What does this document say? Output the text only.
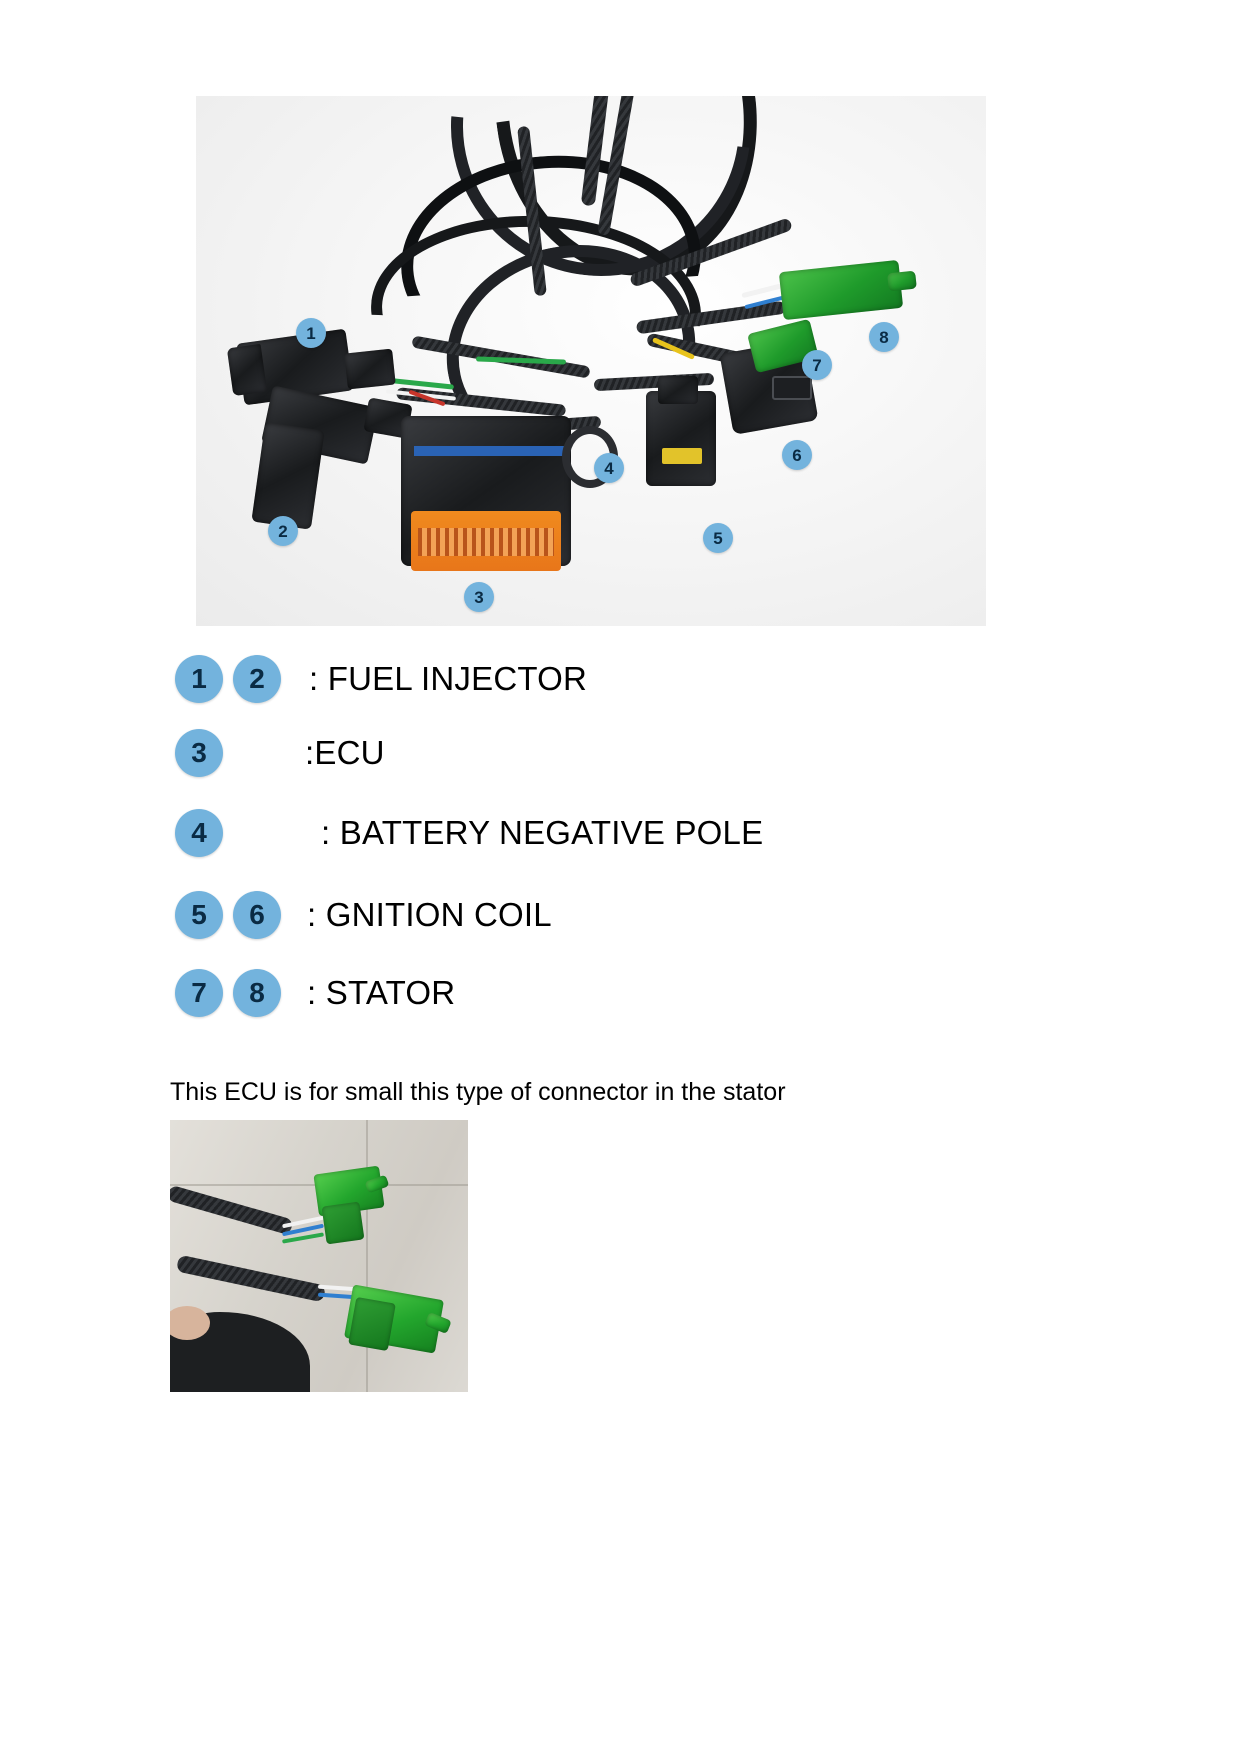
1
2
3
4
5
6
7
8
1	2	: FUEL INJECTOR
3	:ECU
4	: BATTERY NEGATIVE POLE
5	6	: GNITION COIL
7	8	: STATOR
This ECU is for small this type of connector in the stator
